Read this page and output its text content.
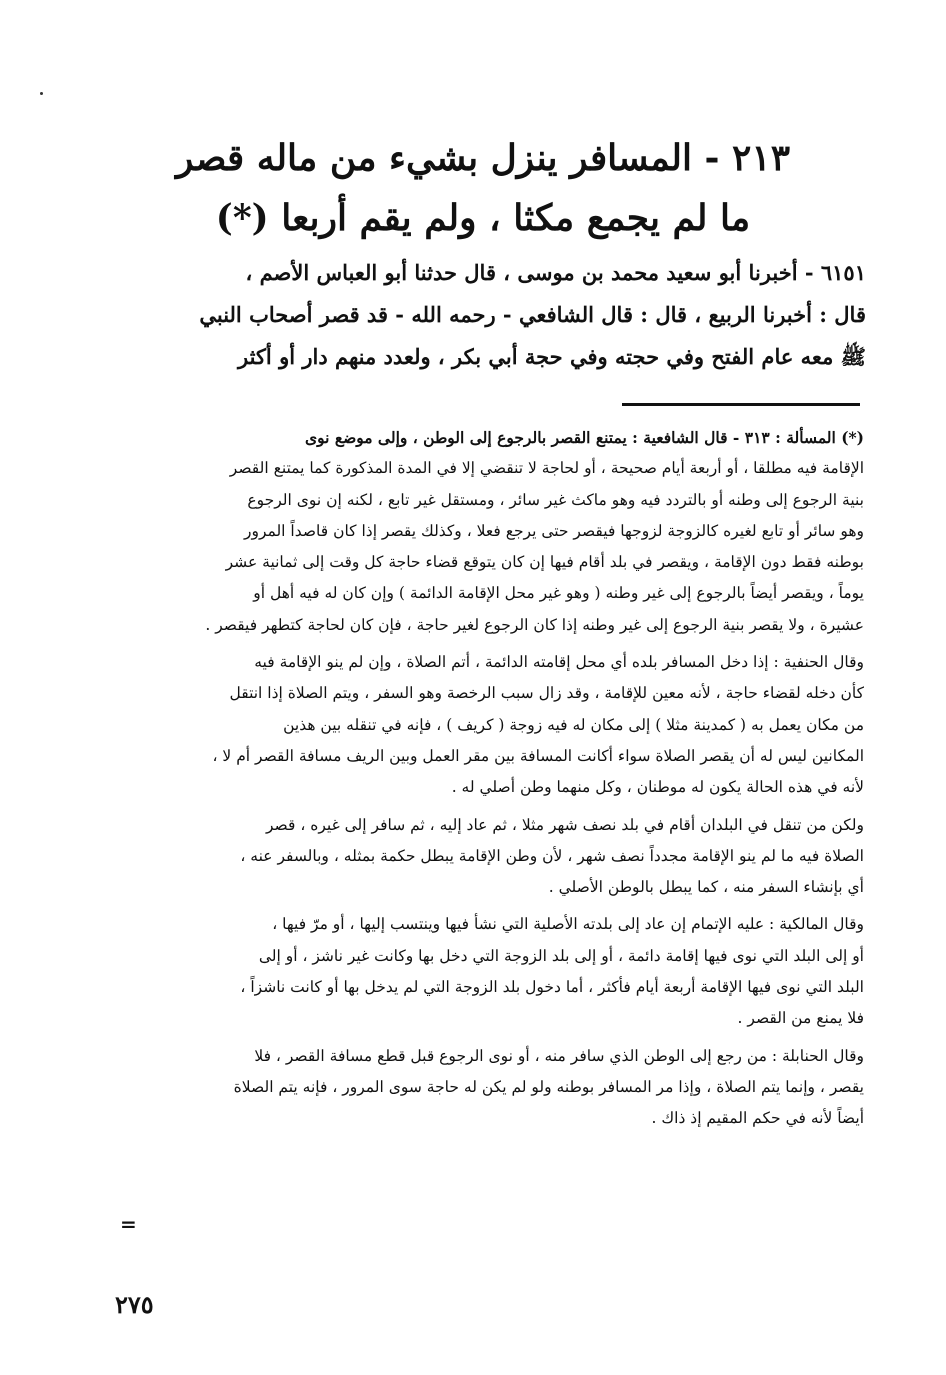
٢١٣ - المسافر ينزل بشيء من ماله قصر
ما لم يجمع مكثا ، ولم يقم أربعا (*)
٦١٥١ - أخبرنا أبو سعيد محمد بن موسى ، قال حدثنا أبو العباس الأصم ،
قال : أخبرنا الربيع ، قال : قال الشافعي - رحمه الله - قد قصر أصحاب النبي
ﷺ معه عام الفتح وفي حجته وفي حجة أبي بكر ، ولعدد منهم دار أو أكثر
(*) المسألة : ٣١٣ - قال الشافعية : يمتنع القصر بالرجوع إلى الوطن ، وإلى موضع نوى
الإقامة فيه مطلقا ، أو أربعة أيام صحيحة ، أو لحاجة لا تنقضي إلا في المدة المذكورة كما يمتنع القصر
بنية الرجوع إلى وطنه أو بالتردد فيه وهو ماكث غير سائر ، ومستقل غير تابع ، لكنه إن نوى الرجوع
وهو سائر أو تابع لغيره كالزوجة لزوجها فيقصر حتى يرجع فعلا ، وكذلك يقصر إذا كان قاصداً المرور
بوطنه فقط دون الإقامة ، ويقصر في بلد أقام فيها إن كان يتوقع قضاء حاجة كل وقت إلى ثمانية عشر
يوماً ، ويقصر أيضاً بالرجوع إلى غير وطنه ( وهو غير محل الإقامة الدائمة ) وإن كان له فيه أهل أو
عشيرة ، ولا يقصر بنية الرجوع إلى غير وطنه إذا كان الرجوع لغير حاجة ، فإن كان لحاجة كتطهر فيقصر .
وقال الحنفية : إذا دخل المسافر بلده أي محل إقامته الدائمة ، أتم الصلاة ، وإن لم ينو الإقامة فيه
كأن دخله لقضاء حاجة ، لأنه معين للإقامة ، وقد زال سبب الرخصة وهو السفر ، ويتم الصلاة إذا انتقل
من مكان يعمل به ( كمدينة مثلا ) إلى مكان له فيه زوجة ( كريف ) ، فإنه في تنقله بين هذين
المكانين ليس له أن يقصر الصلاة سواء أكانت المسافة بين مقر العمل وبين الريف مسافة القصر أم لا ،
لأنه في هذه الحالة يكون له موطنان ، وكل منهما وطن أصلي له .
ولكن من تنقل في البلدان أقام في بلد نصف شهر مثلا ، ثم عاد إليه ، ثم سافر إلى غيره ، قصر
الصلاة فيه ما لم ينو الإقامة مجدداً نصف شهر ، لأن وطن الإقامة يبطل حكمة بمثله ، وبالسفر عنه ،
أي بإنشاء السفر منه ، كما يبطل بالوطن الأصلي .
وقال المالكية : عليه الإتمام إن عاد إلى بلدته الأصلية التي نشأ فيها وينتسب إليها ، أو مرّ فيها ،
أو إلى البلد التي نوى فيها إقامة دائمة ، أو إلى بلد الزوجة التي دخل بها وكانت غير ناشز ، أو إلى
البلد التي نوى فيها الإقامة أربعة أيام فأكثر ، أما دخول بلد الزوجة التي لم يدخل بها أو كانت ناشزاً ،
فلا يمنع من القصر .
وقال الحنابلة : من رجع إلى الوطن الذي سافر منه ، أو نوى الرجوع قبل قطع مسافة القصر ، فلا
يقصر ، وإنما يتم الصلاة ، وإذا مر المسافر بوطنه ولو لم يكن له حاجة سوى المرور ، فإنه يتم الصلاة
أيضاً لأنه في حكم المقيم إذ ذاك .
=
٢٧٥
